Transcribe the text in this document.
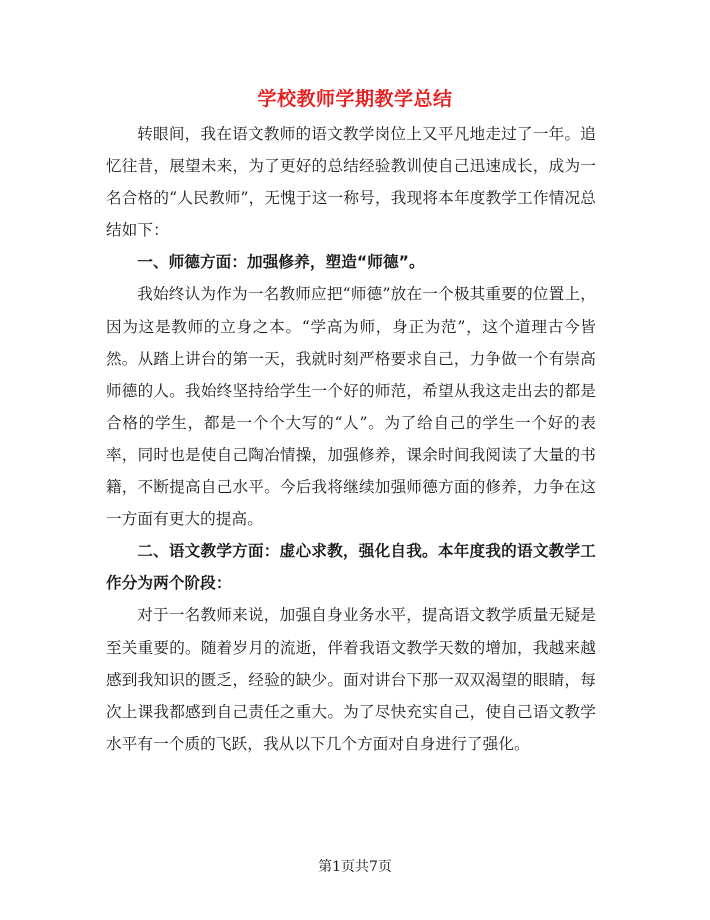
学校教师学期教学总结

转眼间，我在语文教师的语文教学岗位上又平凡地走过了一年。追忆往昔，展望未来，为了更好的总结经验教训使自己迅速成长，成为一名合格的“人民教师”，无愧于这一称号，我现将本年度教学工作情况总结如下：

一、师德方面：加强修养，塑造“师德”。

我始终认为作为一名教师应把“师德”放在一个极其重要的位置上，因为这是教师的立身之本。“学高为师，身正为范”，这个道理古今皆然。从踏上讲台的第一天，我就时刻严格要求自己，力争做一个有崇高师德的人。我始终坚持给学生一个好的师范，希望从我这走出去的都是合格的学生，都是一个个大写的“人”。为了给自己的学生一个好的表率，同时也是使自己陶冶情操，加强修养，课余时间我阅读了大量的书籍，不断提高自己水平。今后我将继续加强师德方面的修养，力争在这一方面有更大的提高。

二、语文教学方面：虚心求教，强化自我。本年度我的语文教学工作分为两个阶段：

对于一名教师来说，加强自身业务水平，提高语文教学质量无疑是至关重要的。随着岁月的流逝，伴着我语文教学天数的增加，我越来越感到我知识的匮乏，经验的缺少。面对讲台下那一双双渴望的眼睛，每次上课我都感到自己责任之重大。为了尽快充实自己，使自己语文教学水平有一个质的飞跃，我从以下几个方面对自身进行了强化。

第1页共7页
